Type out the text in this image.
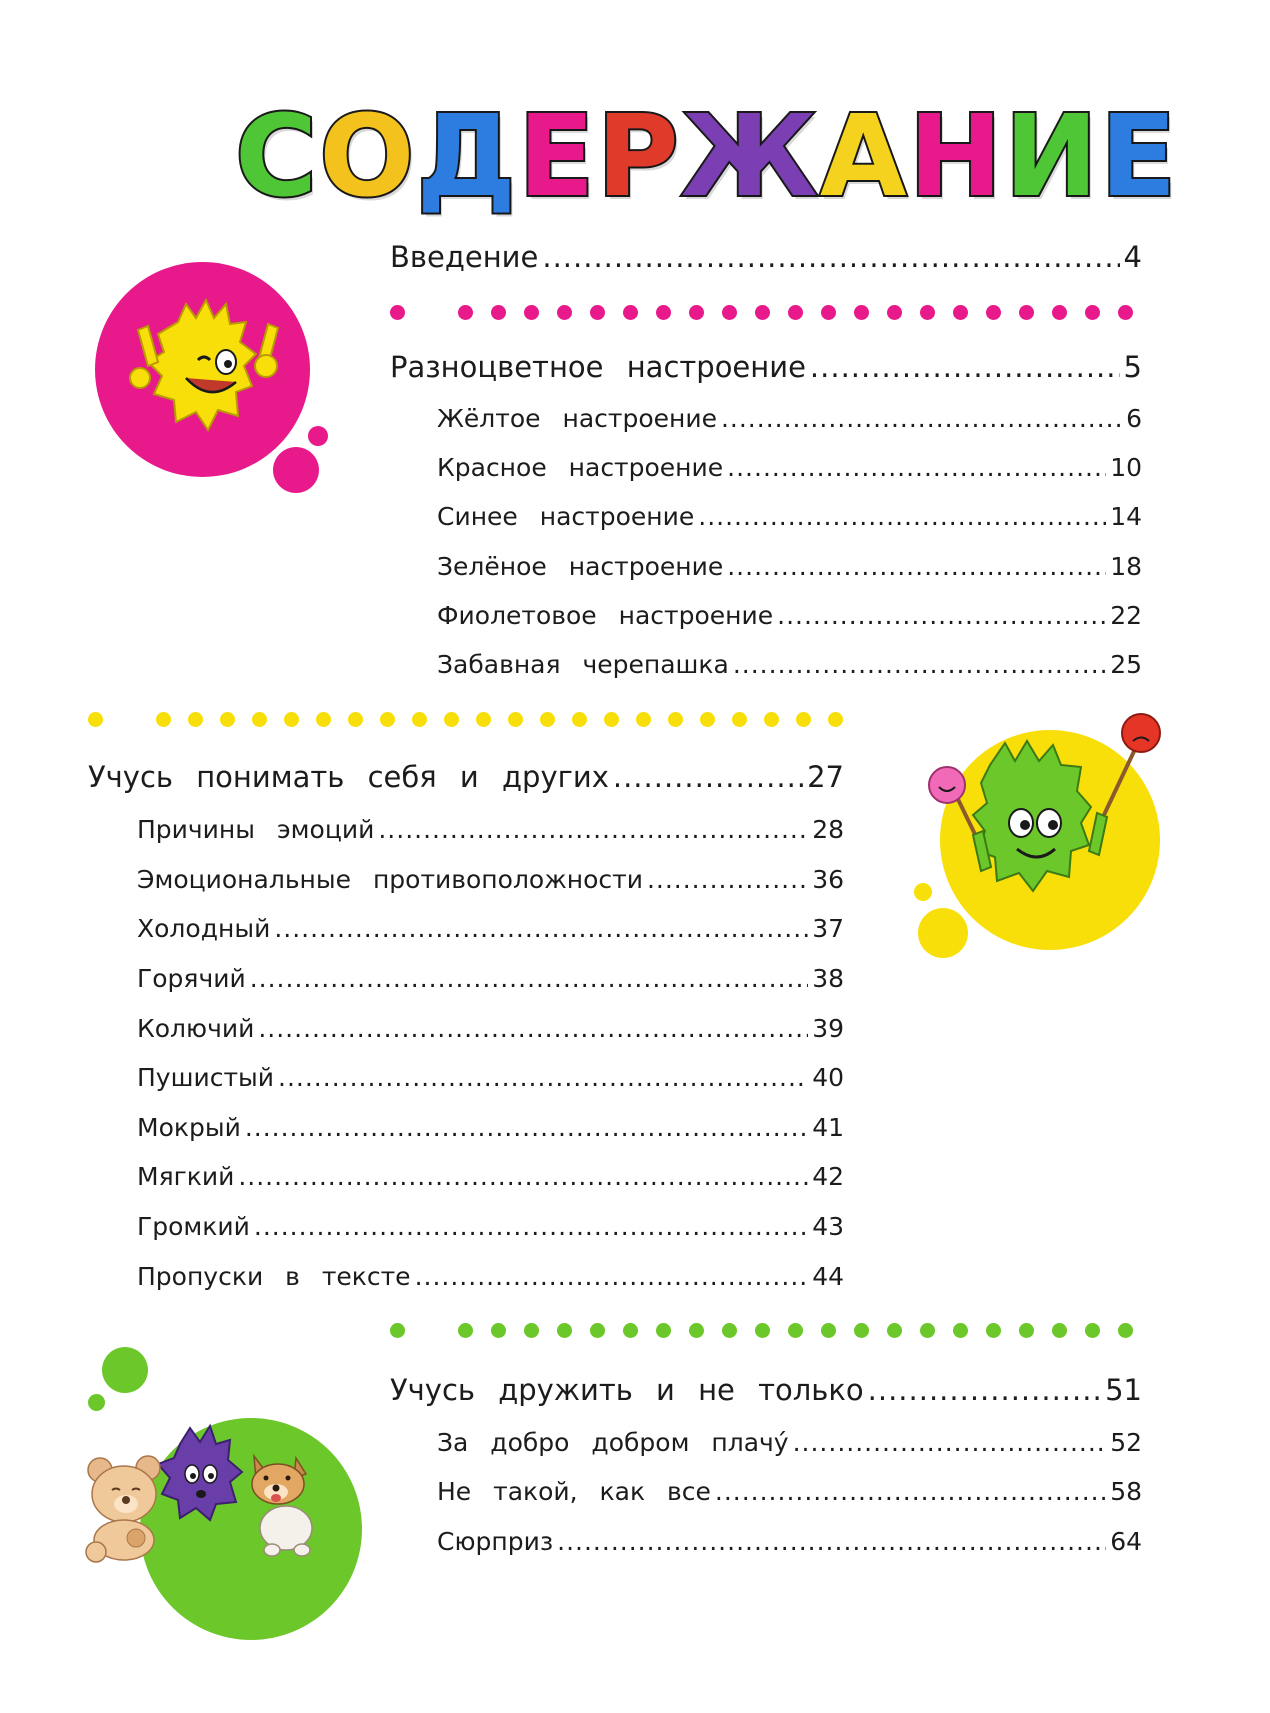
СОДЕРЖАНИЕ
Введение .....	4
Разноцветное настроение .....	5
Жёлтое настроение .....	6
Красное настроение .....	10
Синее настроение .....	14
Зелёное настроение .....	18
Фиолетовое настроение .....	22
Забавная черепашка .....	25
Учусь понимать себя и других .....	27
Причины эмоций .....	28
Эмоциональные противоположности .....	36
Холодный .....	37
Горячий .....	38
Колючий .....	39
Пушистый .....	40
Мокрый .....	41
Мягкий .....	42
Громкий .....	43
Пропуски в тексте .....	44
Учусь дружить и не только .....	51
За добро добром плачу́ .....	52
Не такой, как все .....	58
Сюрприз .....	64
